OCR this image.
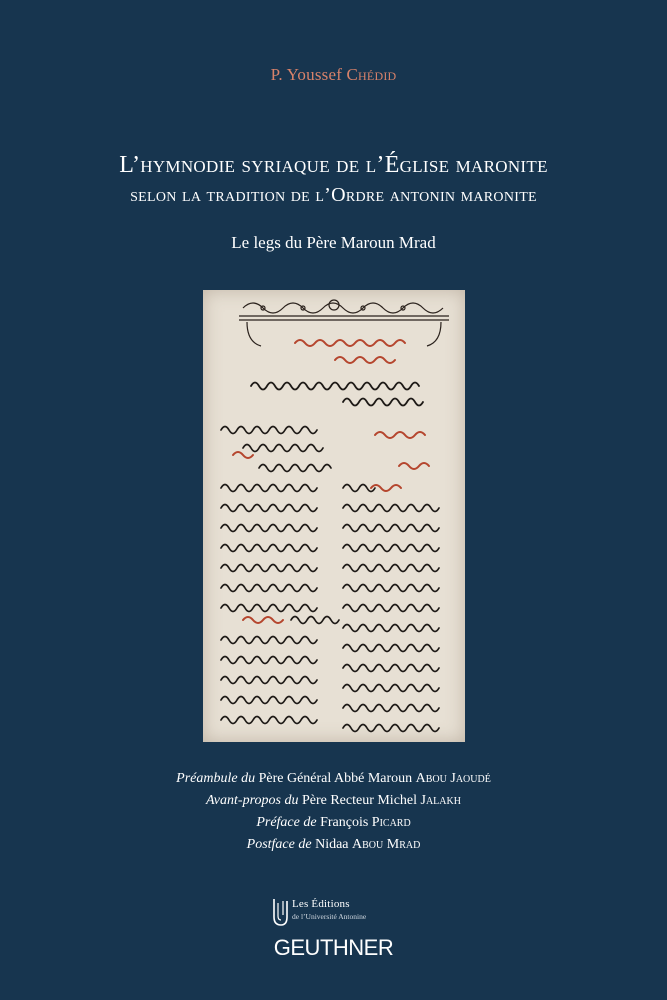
P. Youssef Chédid
L’hymnodie syriaque de l’Église maronite
selon la tradition de l’Ordre antonin maronite
Le legs du Père Maroun Mrad
Préambule du Père Général Abbé Maroun Abou Jaoudé
Avant-propos du Père Recteur Michel Jalakh
Préface de François Picard
Postface de Nidaa Abou Mrad
Les Éditions
de l’Université Antonine
GEUTHNER
